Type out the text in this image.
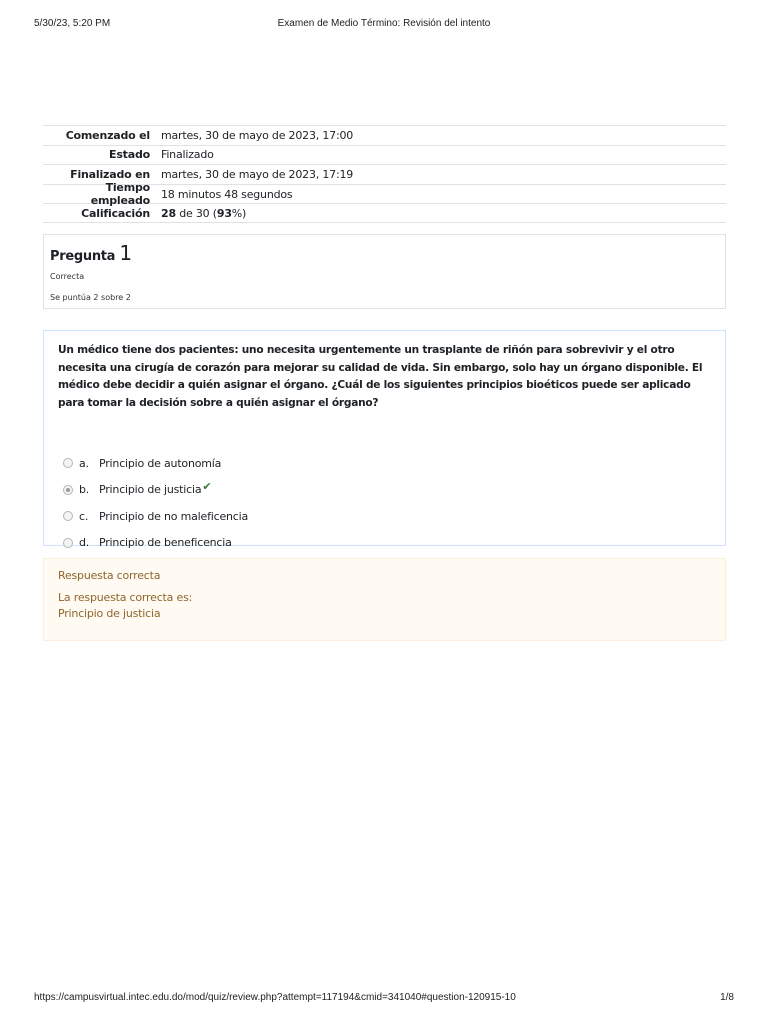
5/30/23, 5:20 PM	Examen de Medio Término: Revisión del intento
Comenzado el	martes, 30 de mayo de 2023, 17:00
Estado	Finalizado
Finalizado en	martes, 30 de mayo de 2023, 17:19
Tiempo empleado	18 minutos 48 segundos
Calificación	28 de 30 (93%)
Pregunta 1
Correcta
Se puntúa 2 sobre 2
Un médico tiene dos pacientes: uno necesita urgentemente un trasplante de riñón para sobrevivir y el otro necesita una cirugía de corazón para mejorar su calidad de vida. Sin embargo, solo hay un órgano disponible. El médico debe decidir a quién asignar el órgano. ¿Cuál de los siguientes principios bioéticos puede ser aplicado para tomar la decisión sobre a quién asignar el órgano?
a. Principio de autonomía
b. Principio de justicia ✔
c. Principio de no maleficencia
d. Principio de beneficencia
Respuesta correcta
La respuesta correcta es:
Principio de justicia
https://campusvirtual.intec.edu.do/mod/quiz/review.php?attempt=117194&cmid=341040#question-120915-10	1/8
